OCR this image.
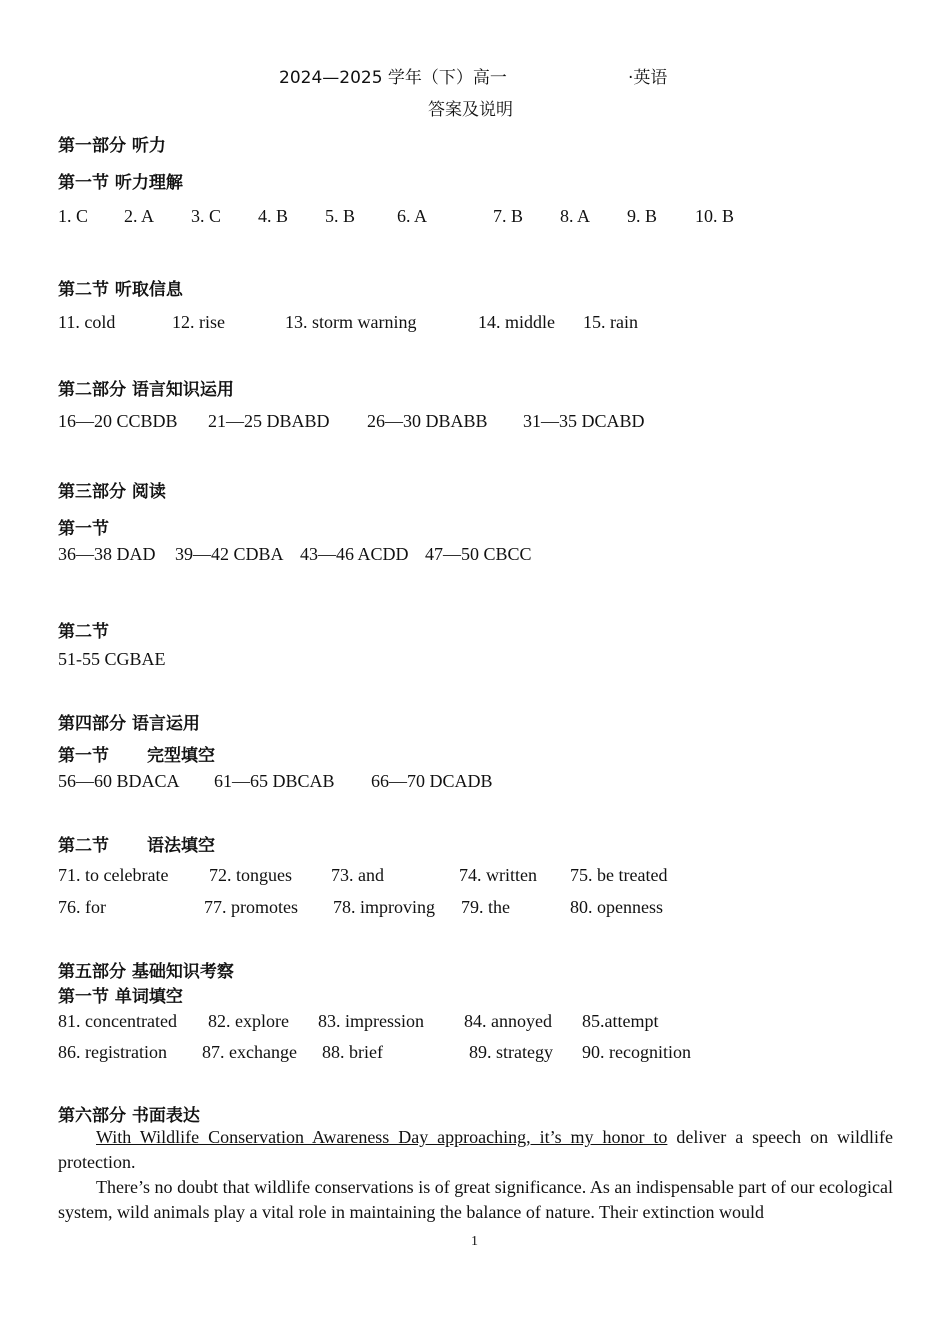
2024—2025 学年（下）高一	·英语
答案及说明
第一部分 听力
第一节 听力理解
1. C 2. A 3. C 4. B 5. B 6. A	7. B 8. A 9. B 10. B
第二节 听取信息
11. cold	12. rise	13. storm warning	14. middle 15. rain
第二部分 语言知识运用
16—20 CCBDB 21—25 DBABD 26—30 DBABB 31—35 DCABD
第三部分 阅读
第一节
36—38 DAD 39—42 CDBA 43—46 ACDD 47—50 CBCC
第二节
51-55 CGBAE
第四部分 语言运用
第一节 完型填空
56—60 BDACA 61—65 DBCAB 66—70 DCADB
第二节 语法填空
71. to celebrate 72. tongues 73. and	74. written 75. be treated
76. for	77. promotes 78. improving 79. the	80. openness
第五部分 基础知识考察
第一节 单词填空
81. concentrated 82. explore 83. impression 84. annoyed 85.attempt
86. registration 87. exchange 88. brief	89. strategy 90. recognition
第六部分 书面表达
With Wildlife Conservation Awareness Day approaching, it’s my honor to deliver a speech on wildlife protection.
There’s no doubt that wildlife conservations is of great significance. As an indispensable part of our ecological system, wild animals play a vital role in maintaining the balance of nature. Their extinction would
1
